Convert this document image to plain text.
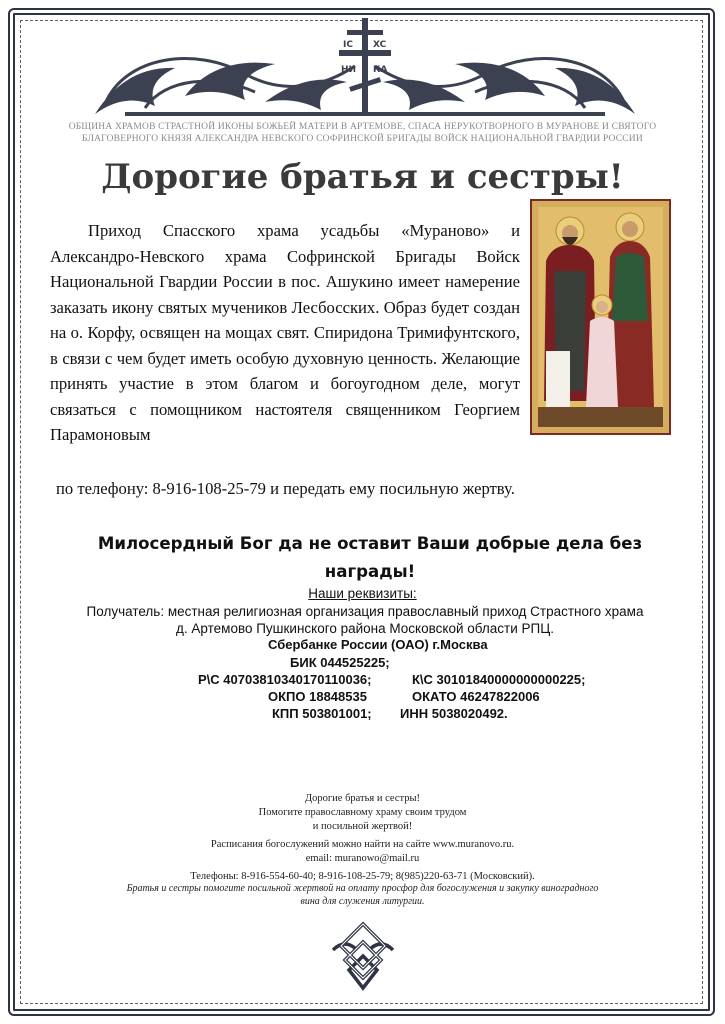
IC XC
НИ КА
ОБЩИНА ХРАМОВ СТРАСТНОЙ ИКОНЫ БОЖЬЕЙ МАТЕРИ В АРТЕМОВЕ, СПАСА НЕРУКОТВОРНОГО В МУРАНОВЕ И СВЯТОГО БЛАГОВЕРНОГО КНЯЗЯ АЛЕКСАНДРА НЕВСКОГО СОФРИНСКОЙ БРИГАДЫ ВОЙСК НАЦИОНАЛЬНОЙ ГВАРДИИ РОССИИ
Дорогие братья и сестры!

Приход Спасского храма усадьбы «Мураново» и Александро-Невского храма Софринской Бригады Войск Национальной Гвардии России в пос. Ашукино имеет намерение заказать икону святых мучеников Лесбосских. Образ будет создан на о. Корфу, освящен на мощах свят. Спиридона Тримифунтского, в связи с чем будет иметь особую духовную ценность. Желающие принять участие в этом благом и богоугодном деле, могут связаться с помощником настоятеля священником Георгием Парамоновым

по телефону: 8-916-108-25-79 и передать ему посильную жертву.

Милосердный Бог да не оставит Ваши добрые дела без награды!

Наши реквизиты:
Получатель: местная религиозная организация православный приход Страстного храма д. Артемово Пушкинского района Московской области РПЦ.
Сбербанке России (ОАО) г.Москва
БИК 044525225;
Р\С 40703810340170110036;	К\С 30101840000000000225;
ОКПО 18848535	ОКАТО 46247822006
КПП 503801001; ИНН 5038020492.
Дорогие братья и сестры!
Помогите православному храму своим трудом
и посильной жертвой!
Расписания богослужений можно найти на сайте www.muranovo.ru.
email: muranowo@mail.ru
Телефоны: 8-916-554-60-40; 8-916-108-25-79; 8(985)220-63-71 (Московский).
Братья и сестры помогите посильной жертвой на оплату просфор для богослужения и закупку виноградного вина для служения литургии.
